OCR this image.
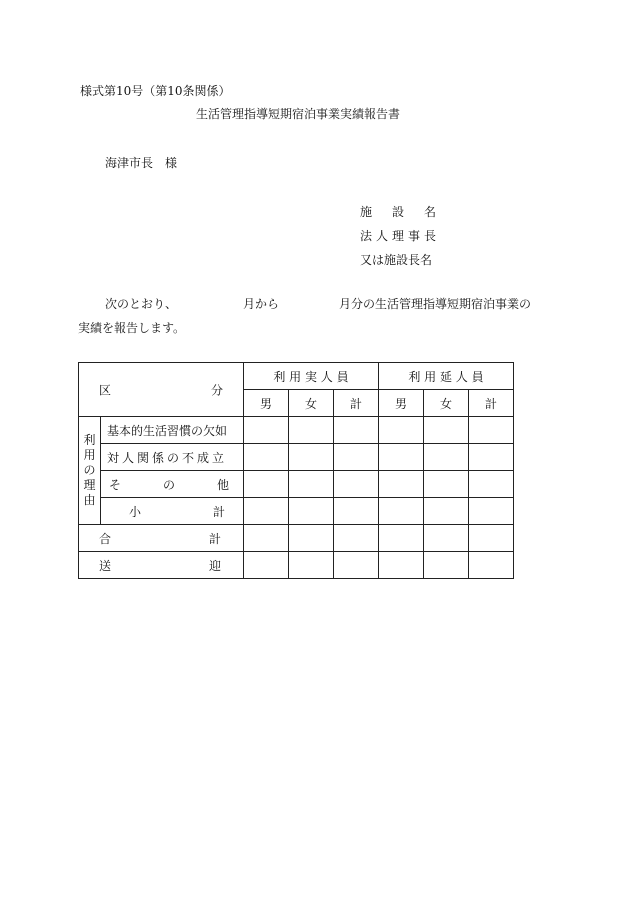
様式第10号（第10条関係）
生活管理指導短期宿泊事業実績報告書
海津市長　様
施 設 名
法 人 理 事 長
又は施設長名
次のとおり、	月から	月分の生活管理指導短期宿泊事業の
実績を報告します。
区 分		利 用 実 人 員			利 用 延 人 員		
		男	女	計	男	女	計

利
用
の
理
由	基本的生活習慣の欠如						
	対人関係の不成立						

	そ の 他						

	小 計						

合 計							

送 迎							
